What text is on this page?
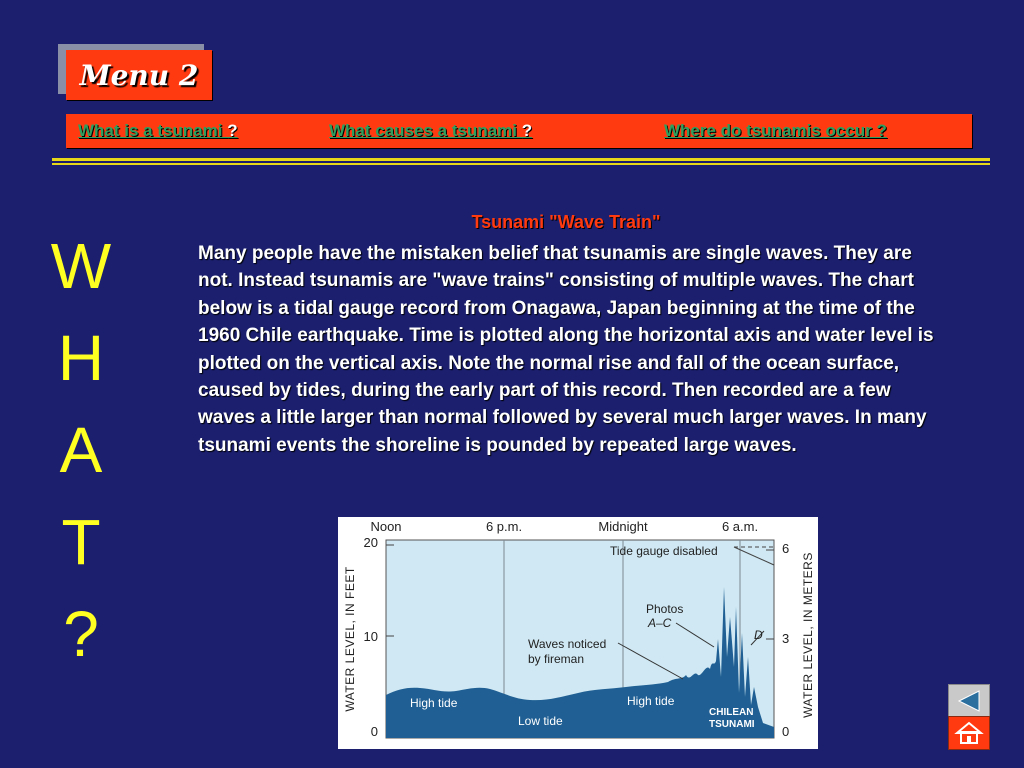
Menu 2
What is a tsunami ?	What causes a tsunami ?	Where do tsunamis occur ?
W
H
A
T
?
Tsunami "Wave Train"
Many people have the mistaken belief that tsunamis are single waves. They are not. Instead tsunamis are "wave trains" consisting of multiple waves. The chart below is a tidal gauge record from Onagawa, Japan beginning at the time of the 1960 Chile earthquake. Time is plotted along the horizontal axis and water level is plotted on the vertical axis. Note the normal rise and fall of the ocean surface, caused by tides, during the early part of this record. Then recorded are a few waves a little larger than normal followed by several much larger waves. In many tsunami events the shoreline is pounded by repeated large waves.
Noon	6 p.m.	Midnight	6 a.m.
20
10
0
WATER LEVEL, IN FEET
6
3
0
WATER LEVEL, IN METERS
Tide gauge disabled
Photos
A–C
D
Waves noticed
by fireman
High tide
Low tide
High tide
CHILEAN
TSUNAMI
